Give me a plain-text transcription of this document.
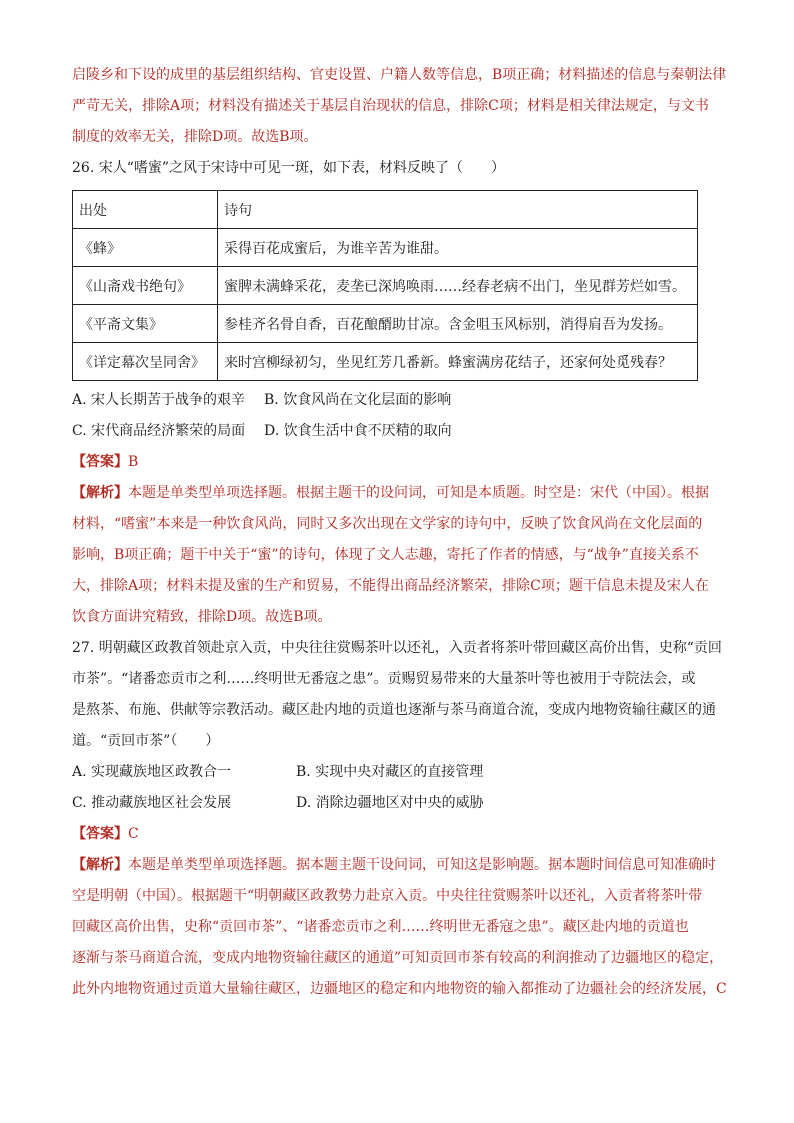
启陵乡和下设的成里的基层组织结构、官吏设置、户籍人数等信息，B项正确；材料描述的信息与秦朝法律

严苛无关，排除A项；材料没有描述关于基层自治现状的信息，排除C项；材料是相关律法规定，与文书

制度的效率无关，排除D项。故选B项。

26. 宋人“嗜蜜”之风于宋诗中可见一斑，如下表，材料反映了（　　）

出处	诗句
《蜂》	采得百花成蜜后，为谁辛苦为谁甜。
《山斋戏书绝句》	蜜脾未满蜂采花，麦垄已深鸠唤雨……经春老病不出门，坐见群芳烂如雪。
《平斋文集》	参桂齐名骨自香，百花酿醑助甘凉。含金咀玉风标别，消得肩吾为发扬。
《详定幕次呈同舍》	来时宫柳绿初匀，坐见红芳几番新。蜂蜜满房花结子，还家何处觅残春？
A. 宋人长期苦于战争的艰辛	B. 饮食风尚在文化层面的影响
C. 宋代商品经济繁荣的局面	D. 饮食生活中食不厌精的取向
【答案】B

【解析】本题是单类型单项选择题。根据主题干的设问词，可知是本质题。时空是：宋代（中国）。根据

材料，“嗜蜜”本来是一种饮食风尚，同时又多次出现在文学家的诗句中，反映了饮食风尚在文化层面的

影响，B项正确；题干中关于“蜜”的诗句，体现了文人志趣，寄托了作者的情感，与“战争”直接关系不

大，排除A项；材料未提及蜜的生产和贸易，不能得出商品经济繁荣，排除C项；题干信息未提及宋人在

饮食方面讲究精致，排除D项。故选B项。

27. 明朝藏区政教首领赴京入贡，中央往往赏赐茶叶以还礼，入贡者将茶叶带回藏区高价出售，史称“贡回

市茶”。“诸番恋贡市之利……终明世无番寇之患”。贡赐贸易带来的大量茶叶等也被用于寺院法会，或

是熬茶、布施、供献等宗教活动。藏区赴内地的贡道也逐渐与茶马商道合流，变成内地物资输往藏区的通

道。“贡回市茶”（　　）

A. 实现藏族地区政教合一	B. 实现中央对藏区的直接管理
C. 推动藏族地区社会发展	D. 消除边疆地区对中央的威胁
【答案】C

【解析】本题是单类型单项选择题。据本题主题干设问词，可知这是影响题。据本题时间信息可知准确时

空是明朝（中国）。根据题干“明朝藏区政教势力赴京入贡。中央往往赏赐茶叶以还礼，入贡者将茶叶带

回藏区高价出售，史称“贡回市茶”、“诸番恋贡市之利……终明世无番寇之患”。藏区赴内地的贡道也

逐渐与茶马商道合流，变成内地物资输往藏区的通道”可知贡回市茶有较高的利润推动了边疆地区的稳定，

此外内地物资通过贡道大量输往藏区，边疆地区的稳定和内地物资的输入都推动了边疆社会的经济发展，C
